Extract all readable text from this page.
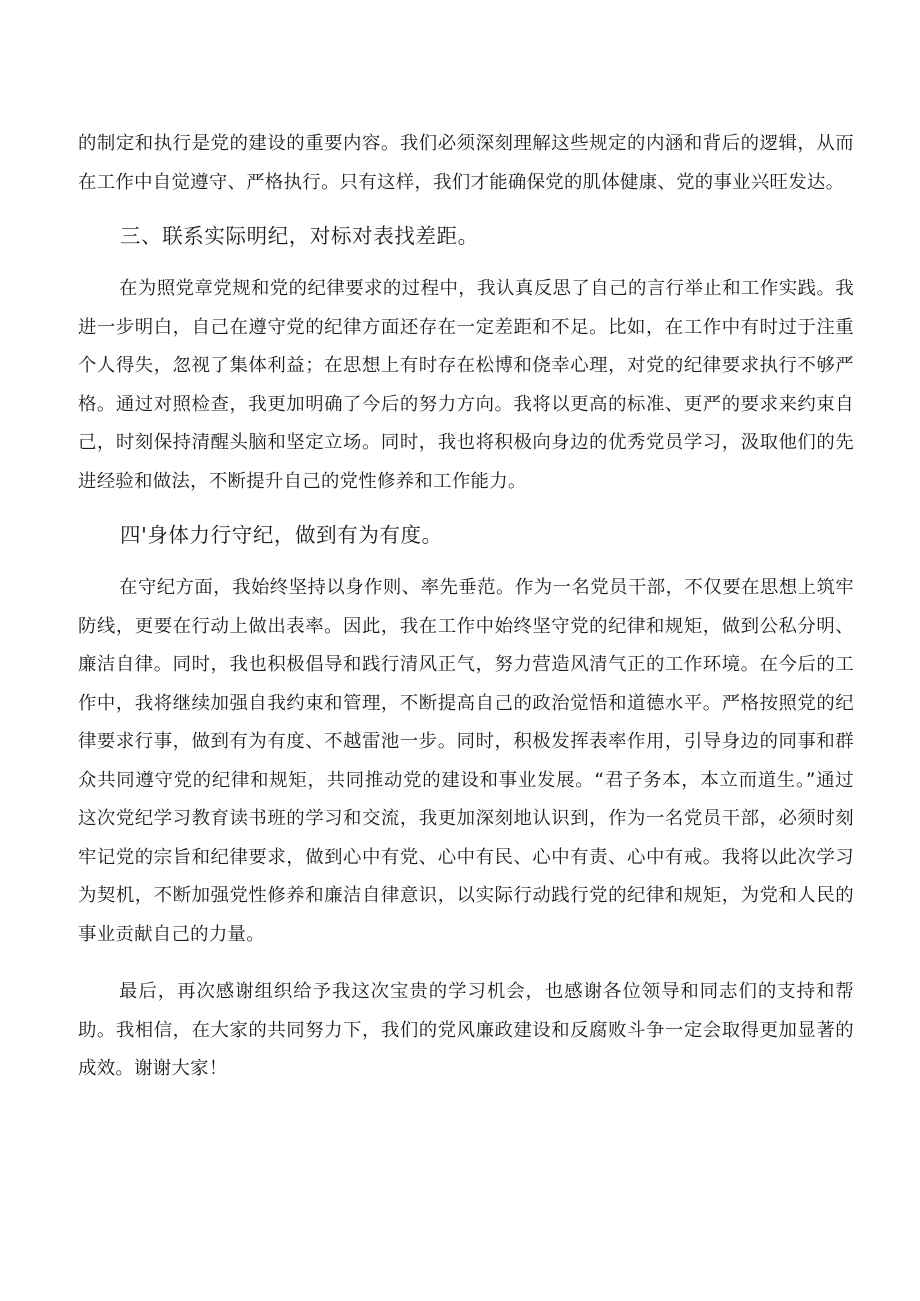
的制定和执行是党的建设的重要内容。我们必须深刻理解这些规定的内涵和背后的逻辑，从而在工作中自觉遵守、严格执行。只有这样，我们才能确保党的肌体健康、党的事业兴旺发达。

三、联系实际明纪，对标对表找差距。

在为照党章党规和党的纪律要求的过程中，我认真反思了自己的言行举止和工作实践。我进一步明白，自己在遵守党的纪律方面还存在一定差距和不足。比如，在工作中有时过于注重个人得失，忽视了集体利益；在思想上有时存在松博和侥幸心理，对党的纪律要求执行不够严格。通过对照检查，我更加明确了今后的努力方向。我将以更高的标准、更严的要求来约束自己，时刻保持清醒头脑和坚定立场。同时，我也将积极向身边的优秀党员学习，汲取他们的先进经验和做法，不断提升自己的党性修养和工作能力。

四'身体力行守纪，做到有为有度。

在守纪方面，我始终坚持以身作则、率先垂范。作为一名党员干部，不仅要在思想上筑牢防线，更要在行动上做出表率。因此，我在工作中始终坚守党的纪律和规矩，做到公私分明、廉洁自律。同时，我也积极倡导和践行清风正气，努力营造风清气正的工作环境。在今后的工作中，我将继续加强自我约束和管理，不断提高自己的政治觉悟和道德水平。严格按照党的纪律要求行事，做到有为有度、不越雷池一步。同时，积极发挥表率作用，引导身边的同事和群众共同遵守党的纪律和规矩，共同推动党的建设和事业发展。“君子务本，本立而道生。”通过这次党纪学习教育读书班的学习和交流，我更加深刻地认识到，作为一名党员干部，必须时刻牢记党的宗旨和纪律要求，做到心中有党、心中有民、心中有责、心中有戒。我将以此次学习为契机，不断加强党性修养和廉洁自律意识，以实际行动践行党的纪律和规矩，为党和人民的事业贡献自己的力量。

最后，再次感谢组织给予我这次宝贵的学习机会，也感谢各位领导和同志们的支持和帮助。我相信，在大家的共同努力下，我们的党风廉政建设和反腐败斗争一定会取得更加显著的成效。谢谢大家！
